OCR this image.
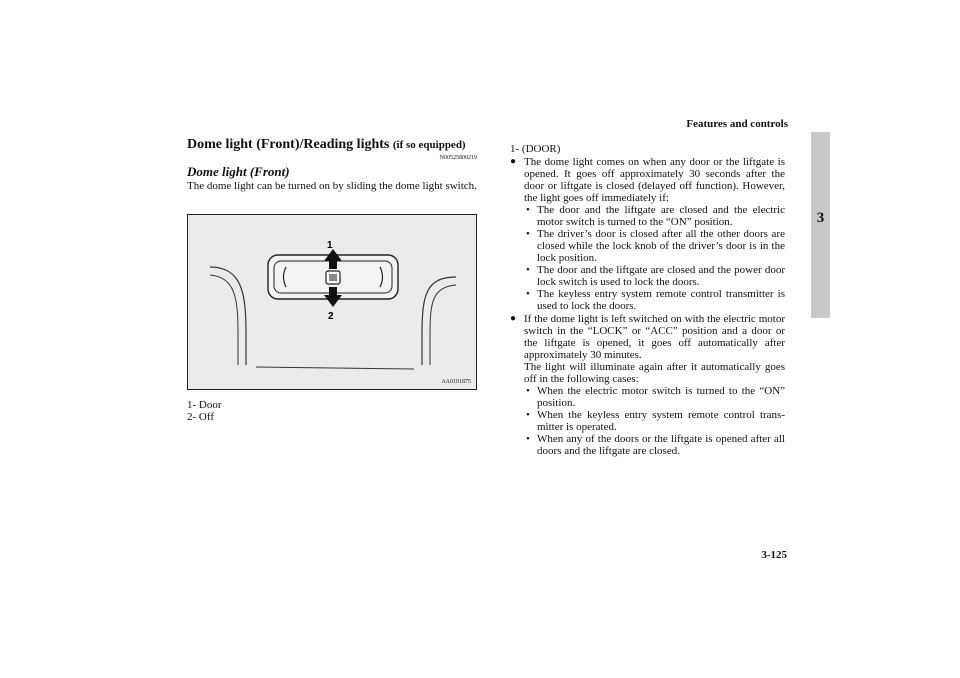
Features and controls
3
Dome light (Front)/Reading lights (if so equipped)
N00525800219
Dome light (Front)
The dome light can be turned on by sliding the dome light switch.
1
2
AA0101875
1- Door
2- Off
1- (DOOR)
● The dome light comes on when any door or the liftgate is opened. It goes off approximately 30 seconds after the door or liftgate is closed (delayed off function). However, the light goes off immediately if:
• The door and the liftgate are closed and the electric motor switch is turned to the “ON” position.
• The driver’s door is closed after all the other doors are closed while the lock knob of the driver’s door is in the lock position.
• The door and the liftgate are closed and the power door lock switch is used to lock the doors.
• The keyless entry system remote control transmitter is used to lock the doors.
● If the dome light is left switched on with the electric motor switch in the “LOCK” or “ACC” position and a door or the liftgate is opened, it goes off automatically after approximately 30 minutes.
The light will illuminate again after it automatically goes off in the following cases:
• When the electric motor switch is turned to the “ON” position.
• When the keyless entry system remote control trans-mitter is operated.
• When any of the doors or the liftgate is opened after all doors and the liftgate are closed.
3-125
